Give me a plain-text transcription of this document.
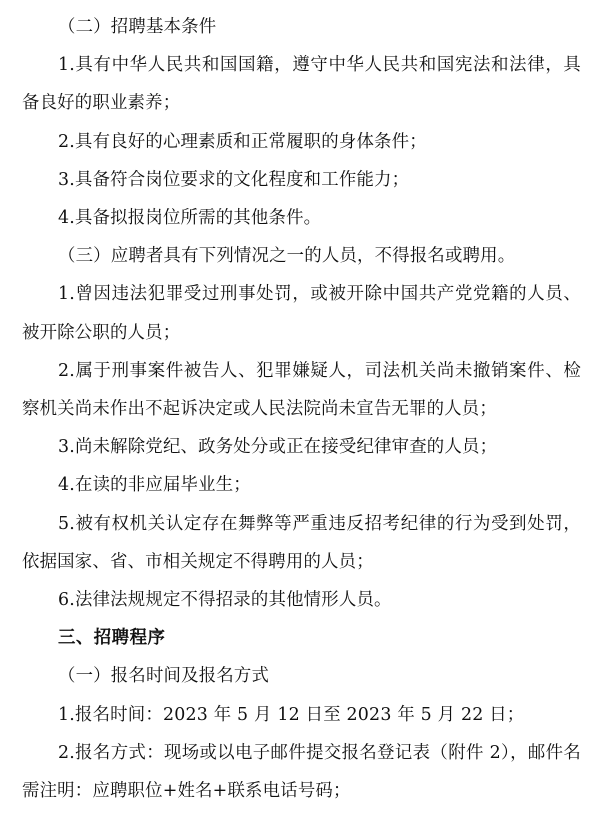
（二）招聘基本条件

1.具有中华人民共和国国籍，遵守中华人民共和国宪法和法律，具备良好的职业素养；

2.具有良好的心理素质和正常履职的身体条件；

3.具备符合岗位要求的文化程度和工作能力；

4.具备拟报岗位所需的其他条件。

（三）应聘者具有下列情况之一的人员，不得报名或聘用。

1.曾因违法犯罪受过刑事处罚，或被开除中国共产党党籍的人员、被开除公职的人员；

2.属于刑事案件被告人、犯罪嫌疑人，司法机关尚未撤销案件、检察机关尚未作出不起诉决定或人民法院尚未宣告无罪的人员；

3.尚未解除党纪、政务处分或正在接受纪律审查的人员；

4.在读的非应届毕业生；

5.被有权机关认定存在舞弊等严重违反招考纪律的行为受到处罚，依据国家、省、市相关规定不得聘用的人员；

6.法律法规规定不得招录的其他情形人员。

三、招聘程序

（一）报名时间及报名方式

1.报名时间：2023 年 5 月 12 日至 2023 年 5 月 22 日；

2.报名方式：现场或以电子邮件提交报名登记表（附件 2），邮件名需注明：应聘职位+姓名+联系电话号码；
